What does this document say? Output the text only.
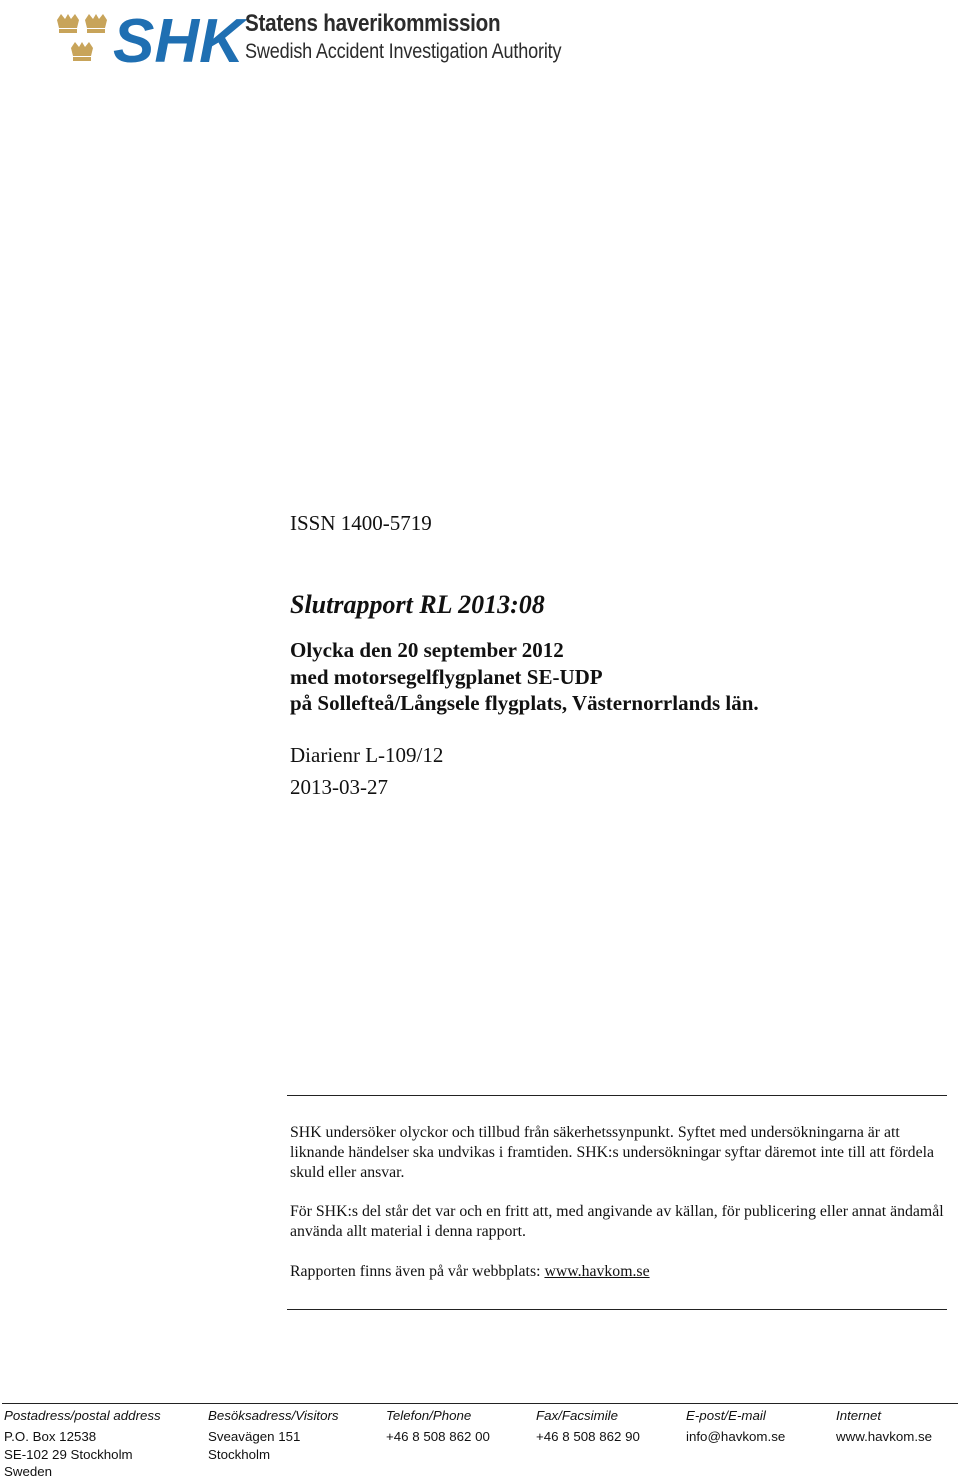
SHK Statens haverikommission
Swedish Accident Investigation Authority
ISSN 1400-5719
Slutrapport RL 2013:08
Olycka den 20 september 2012
med motorsegelflygplanet SE-UDP
på Sollefteå/Långsele flygplats, Västernorrlands län.
Diarienr L-109/12
2013-03-27
SHK undersöker olyckor och tillbud från säkerhetssynpunkt. Syftet med undersökningarna är att liknande händelser ska undvikas i framtiden. SHK:s undersökningar syftar däremot inte till att fördela skuld eller ansvar.
För SHK:s del står det var och en fritt att, med angivande av källan, för publicering eller annat ändamål använda allt material i denna rapport.
Rapporten finns även på vår webbplats: www.havkom.se
Postadress/postal address
P.O. Box 12538
SE-102 29 Stockholm
Sweden
Besöksadress/Visitors
Sveavägen 151
Stockholm
Telefon/Phone
+46 8 508 862 00
Fax/Facsimile
+46 8 508 862 90
E-post/E-mail
info@havkom.se
Internet
www.havkom.se
